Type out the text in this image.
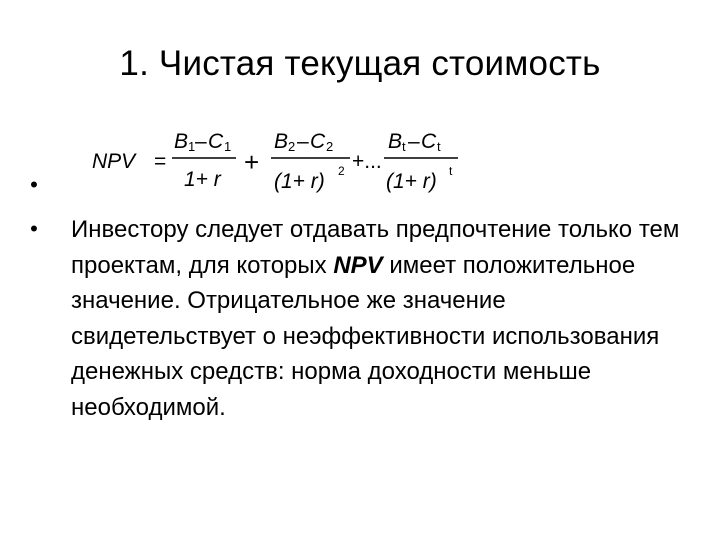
1. Чистая текущая стоимость
•
NPV =
B 1 – C 1
1+ r
+
B 2 – C 2
(1+ r) 2 +...
B t – C t
(1+ r) t
• Инвестору следует отдавать предпочтение только тем проектам, для которых NPV имеет положительное значение. Отрицательное же значение свидетельствует о неэффективности использования денежных средств: норма доходности меньше необходимой.
